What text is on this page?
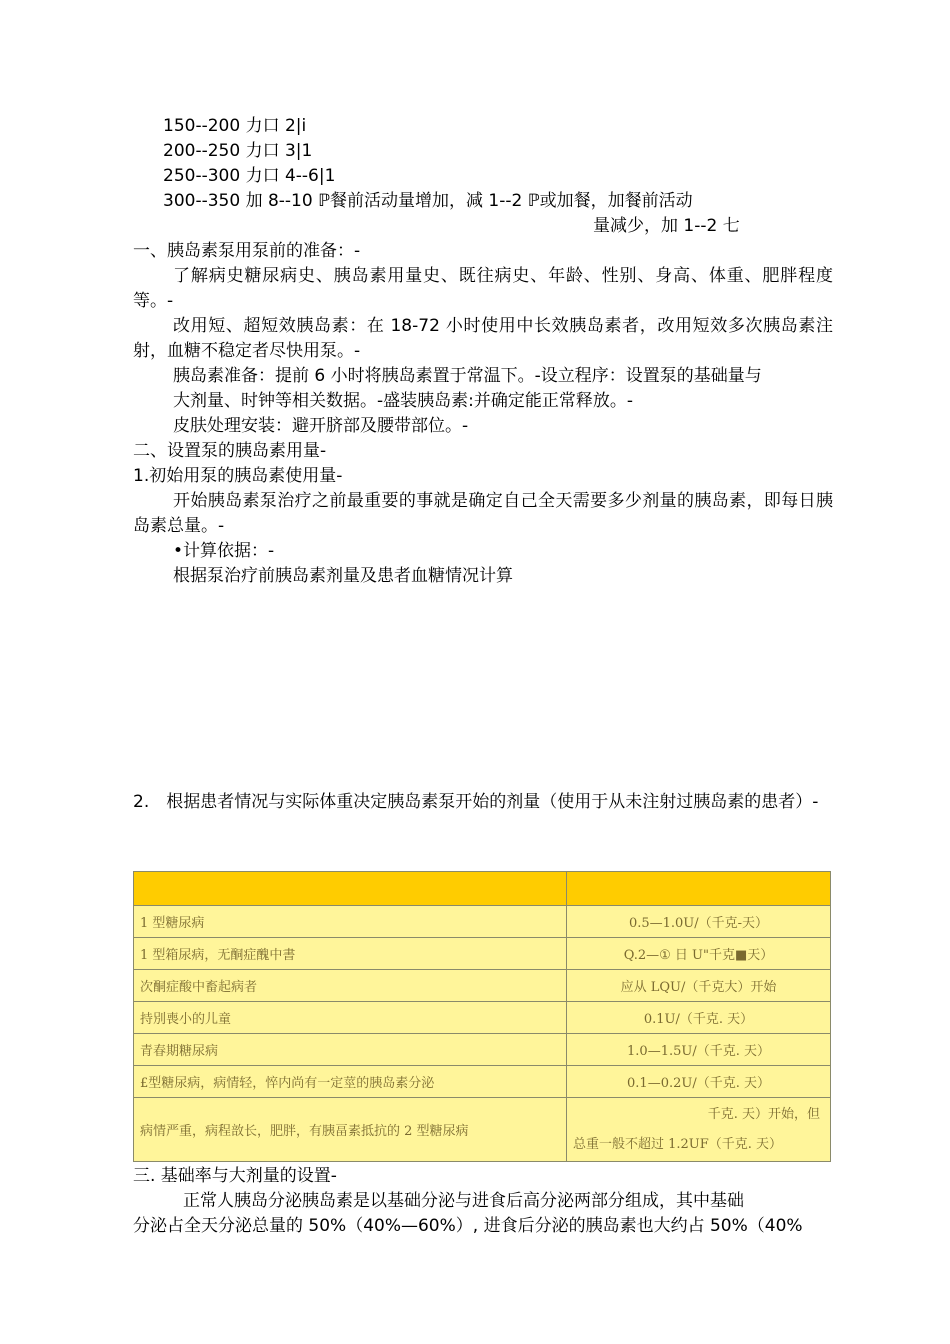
150--200 力口 2|i
200--250 力口 3|1
250--300 力口 4--6|1
300--350 加 8--10 ℙ餐前活动量增加，减 1--2 ℙ或加餐，加餐前活动
量减少，加 1--2 七
一、胰岛素泵用泵前的准备：-
了解病史糖尿病史、胰岛素用量史、既往病史、年龄、性别、身高、体重、肥胖程度等。-
改用短、超短效胰岛素：在 18-72 小时使用中长效胰岛素者，改用短效多次胰岛素注射，血糖不稳定者尽快用泵。-
胰岛素准备：提前 6 小时将胰岛素置于常温下。-设立程序：设置泵的基础量与
大剂量、时钟等相关数据。-盛装胰岛素:并确定能正常释放。-
皮肤处理安装：避开脐部及腰带部位。-
二、设置泵的胰岛素用量-
1.初始用泵的胰岛素使用量-
开始胰岛素泵治疗之前最重要的事就是确定自己全天需要多少剂量的胰岛素，即每日胰岛素总量。-
•计算依据：-
根据泵治疗前胰岛素剂量及患者血糖情况计算
2.　根据患者情况与实际体重决定胰岛素泵开始的剂量（使用于从未注射过胰岛素的患者）-

1 型糖尿病	0.5—1.0U/（千克-天）
1 型箱尿病，无酮症醜中書	Q.2—① 日 U"千克■天）
次酮症酸中畜起病者	应从 LQU/（千克大）开始
持別喪小的儿童	0.1U/（千克. 天）
青春期糖尿病	1.0—1.5U/（千克. 天）
£型糖尿病，病情轻，悴内尚有一定莖的胰岛素分泌	0.1—0.2U/（千克. 天）
病情严重，病程敨长，肥胖，有胰畐素抵抗的 2 型糖尿病	千克. 天）开始，但
总重一般不超过 1.2UF（千克. 天）
三. 基础率与大剂量的设置-
正常人胰岛分泌胰岛素是以基础分泌与进食后高分泌两部分组成，其中基础
分泌占全天分泌总量的 50%（40%—60%）, 进食后分泌的胰岛素也大约占 50%（40%
